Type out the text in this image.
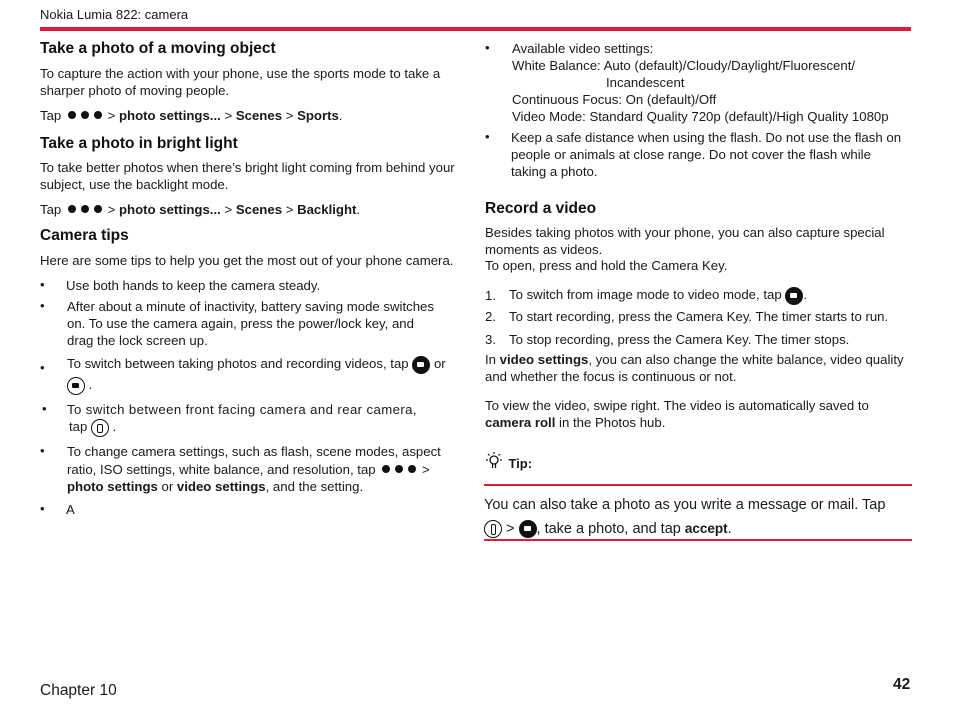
Nokia Lumia 822: camera
Take a photo of a moving object
To capture the action with your phone, use the sports mode to take a sharper photo of moving people.
Tap	> photo settings... > Scenes > Sports.
Take a photo in bright light
To take better photos when there’s bright light coming from behind your subject, use the backlight mode.
Tap	> photo settings... > Scenes > Backlight.
Camera tips
Here are some tips to help you get the most out of your phone camera.
• Use both hands to keep the camera steady.
• After about a minute of inactivity, battery saving mode switches on. To use the camera again, press the power/lock key, and drag the lock screen up.
• To switch between taking photos and recording videos, tap or

.
• To switch between front facing camera and rear camera,
tap
.
• To change camera settings, such as flash, scene modes, aspect ratio, ISO settings, white balance, and resolution, tap	>
photo settings or video settings, and the setting.
• A
• Available video settings:
White Balance: Auto (default)/Cloudy/Daylight/Fluorescent/
Incandescent
Continuous Focus: On (default)/Off
Video Mode: Standard Quality 720p (default)/High Quality 1080p
• Keep a safe distance when using the flash. Do not use the flash on people or animals at close range. Do not cover the flash while taking a photo.
Record a video
Besides taking photos with your phone, you can also capture special moments as videos.
To open, press and hold the Camera Key.
1. To switch from image mode to video mode, tap .
2. To start recording, press the Camera Key. The timer starts to run.
3. To stop recording, press the Camera Key. The timer stops.
In video settings, you can also change the white balance, video quality and whether the focus is continuous or not.
To view the video, swipe right. The video is automatically saved to
camera roll in the Photos hub.
Tip:
You can also take a photo as you write a message or mail. Tap

>
, take a photo, and tap accept.
Chapter 10	42
